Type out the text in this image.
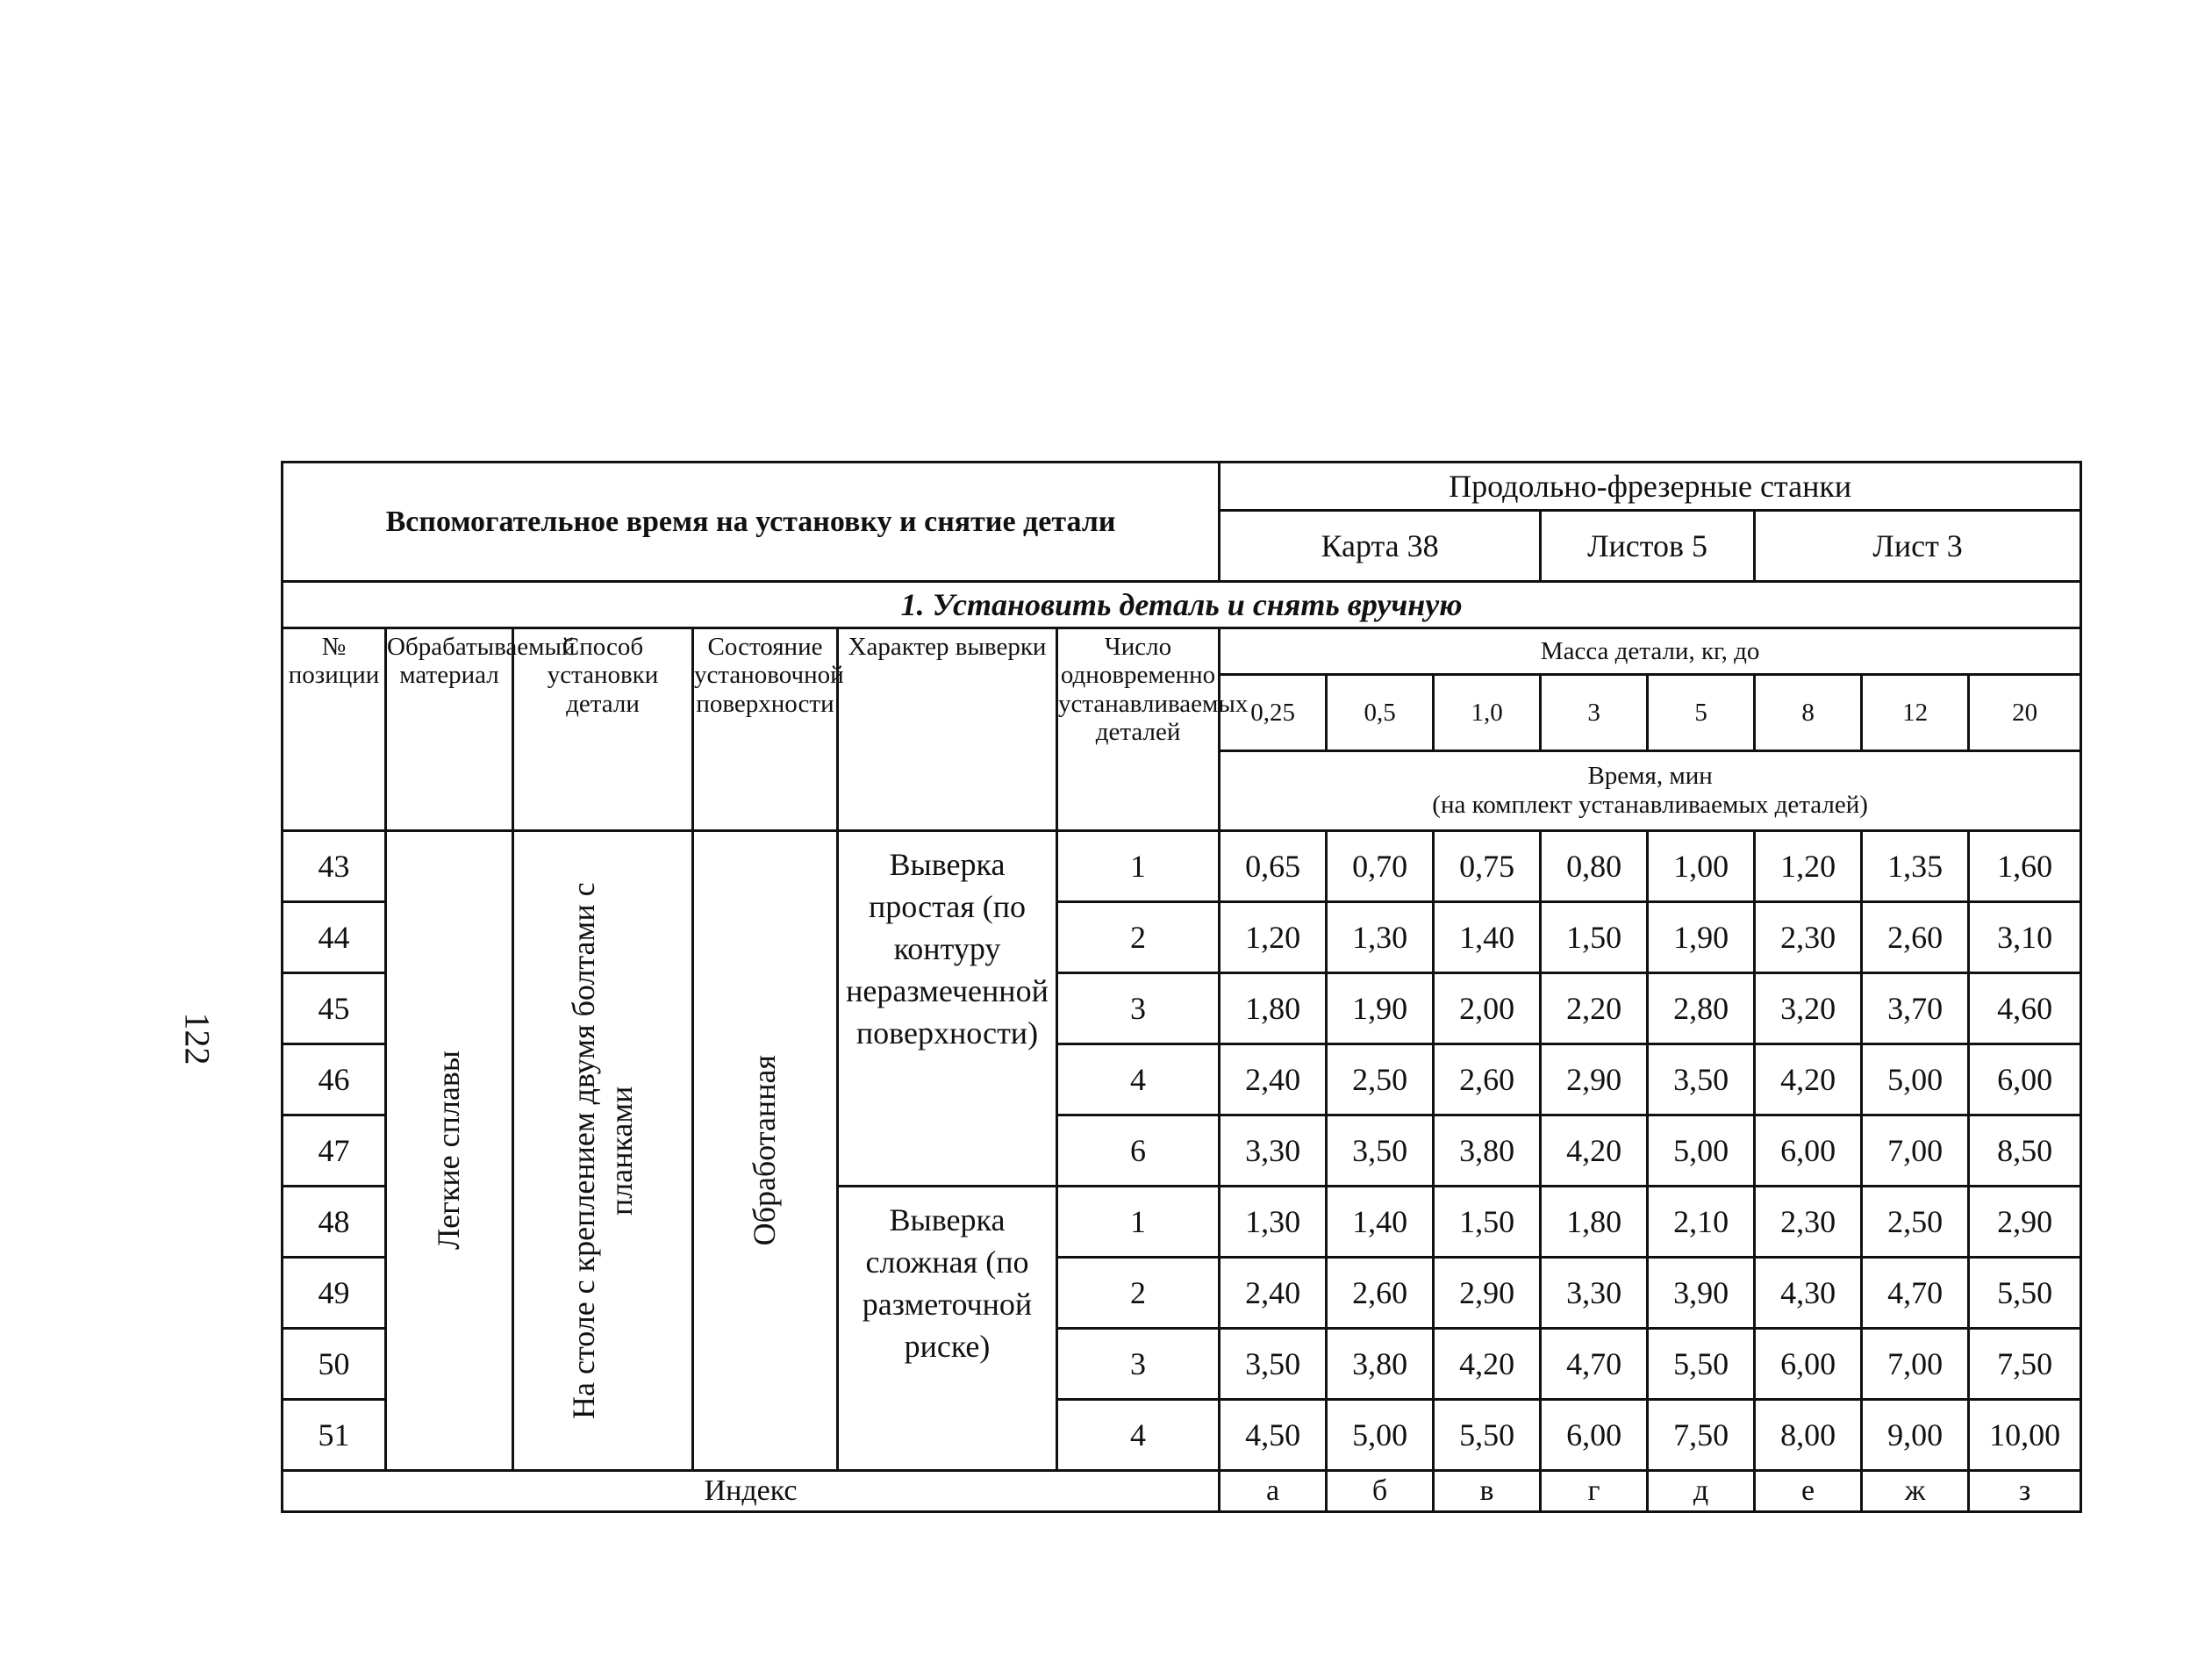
122
Вспомогательное время на установку и снятие детали						Продольно-фрезерные станки							
						Карта 38			Листов 5		Лист 3		
1. Установить деталь и снять вручную													
№ позиции	Обрабатываемый материал	Способ установки детали	Состояние установочной поверхности	Характер выверки	Число одновременно устанавливаемых деталей	Масса детали, кг, до							
						0,25	0,5	1,0	3	5	8	12	20
						Время, мин
(на комплект устанавливаемых деталей)							
43	Легкие сплавы	На столе с креплением двумя болтами с планками	Обработанная	Выверка простая (по контуру неразмеченной поверхности)	1	0,65	0,70	0,75	0,80	1,00	1,20	1,35	1,60
44					2	1,20	1,30	1,40	1,50	1,90	2,30	2,60	3,10
45					3	1,80	1,90	2,00	2,20	2,80	3,20	3,70	4,60
46					4	2,40	2,50	2,60	2,90	3,50	4,20	5,00	6,00
47					6	3,30	3,50	3,80	4,20	5,00	6,00	7,00	8,50
48				Выверка сложная (по разметочной риске)	1	1,30	1,40	1,50	1,80	2,10	2,30	2,50	2,90
49					2	2,40	2,60	2,90	3,30	3,90	4,30	4,70	5,50
50					3	3,50	3,80	4,20	4,70	5,50	6,00	7,00	7,50
51					4	4,50	5,00	5,50	6,00	7,50	8,00	9,00	10,00
Индекс						а	б	в	г	д	е	ж	з
